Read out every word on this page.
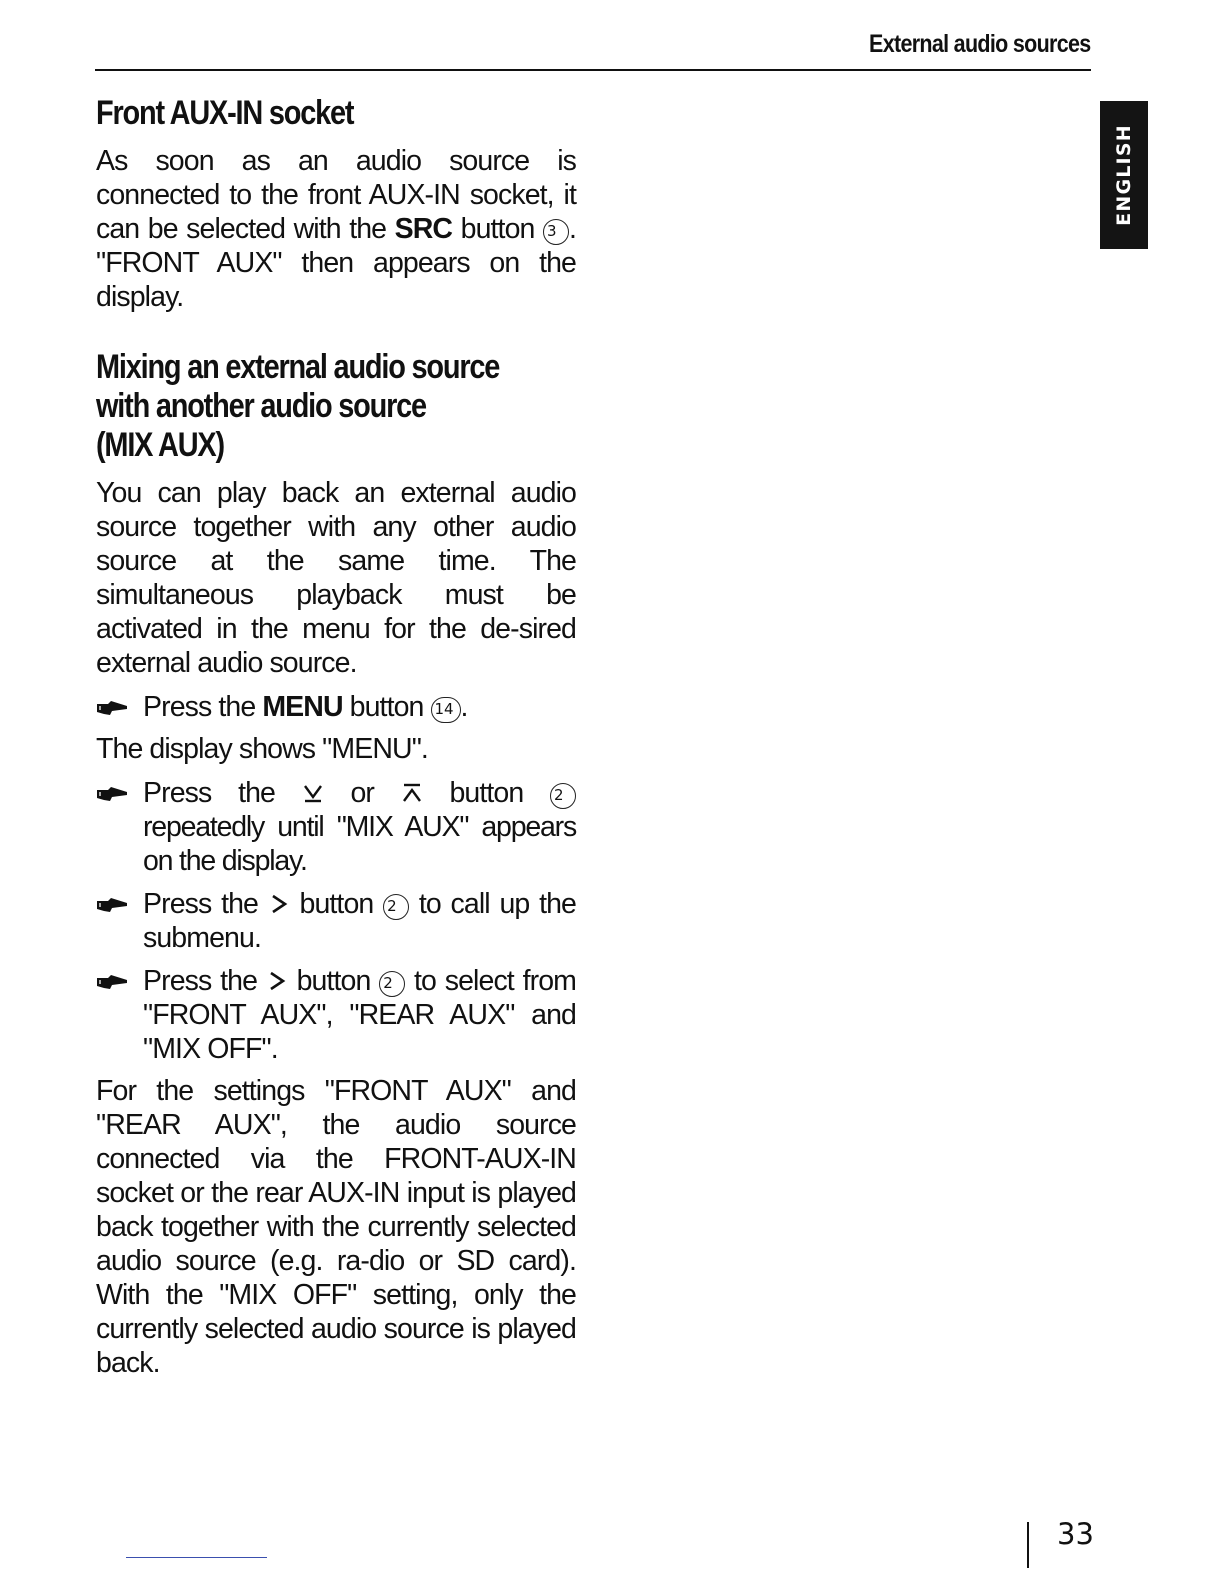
External audio sources
ENGLISH
Front AUX-IN socket

As soon as an audio source is connected to the front AUX-IN socket, it can be selected with the SRC button 3 . "FRONT AUX" then appears on the display.

Mixing an external audio source
with another audio source
(MIX AUX)

You can play back an external audio source together with any other audio source at the same time. The simultaneous playback must be activated in the menu for the de-sired external audio source.

Press the MENU button 14 .

The display shows "MENU".

Press the  or  button 2 repeatedly until "MIX AUX" appears on the display.
Press the  button 2 to call up the submenu.
Press the  button 2 to select from "FRONT AUX", "REAR AUX" and "MIX OFF".

For the settings "FRONT AUX" and "REAR AUX", the audio source connected via the FRONT-AUX-IN socket or the rear AUX-IN input is played back together with the currently selected audio source (e.g. ra-dio or SD card). With the "MIX OFF" setting, only the currently selected audio source is played back.

33
